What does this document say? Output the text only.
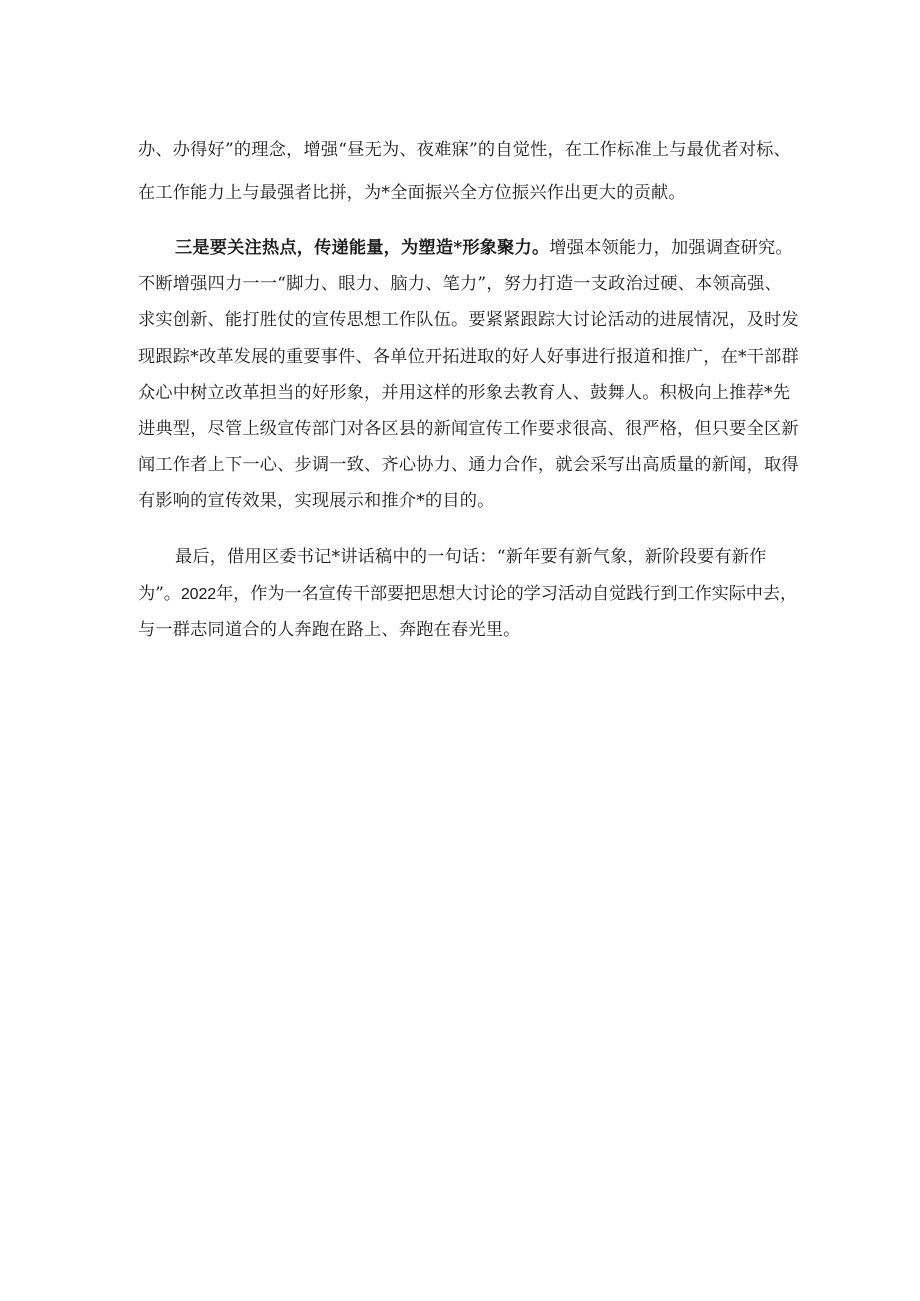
办、办得好”的理念，增强“昼无为、夜难寐”的自觉性，在工作标准上与最优者对标、
在工作能力上与最强者比拼，为*全面振兴全方位振兴作出更大的贡献。
三是要关注热点，传递能量，为塑造*形象聚力。增强本领能力，加强调查研究。
不断增强四力一一“脚力、眼力、脑力、笔力”，努力打造一支政治过硬、本领高强、
求实创新、能打胜仗的宣传思想工作队伍。要紧紧跟踪大讨论活动的进展情况，及时发
现跟踪*改革发展的重要事件、各单位开拓进取的好人好事进行报道和推广，在*干部群
众心中树立改革担当的好形象，并用这样的形象去教育人、鼓舞人。积极向上推荐*先
进典型，尽管上级宣传部门对各区县的新闻宣传工作要求很高、很严格，但只要全区新
闻工作者上下一心、步调一致、齐心协力、通力合作，就会采写出高质量的新闻，取得
有影响的宣传效果，实现展示和推介*的目的。
最后，借用区委书记*讲话稿中的一句话：“新年要有新气象，新阶段要有新作
为”。2022年，作为一名宣传干部要把思想大讨论的学习活动自觉践行到工作实际中去，
与一群志同道合的人奔跑在路上、奔跑在春光里。
